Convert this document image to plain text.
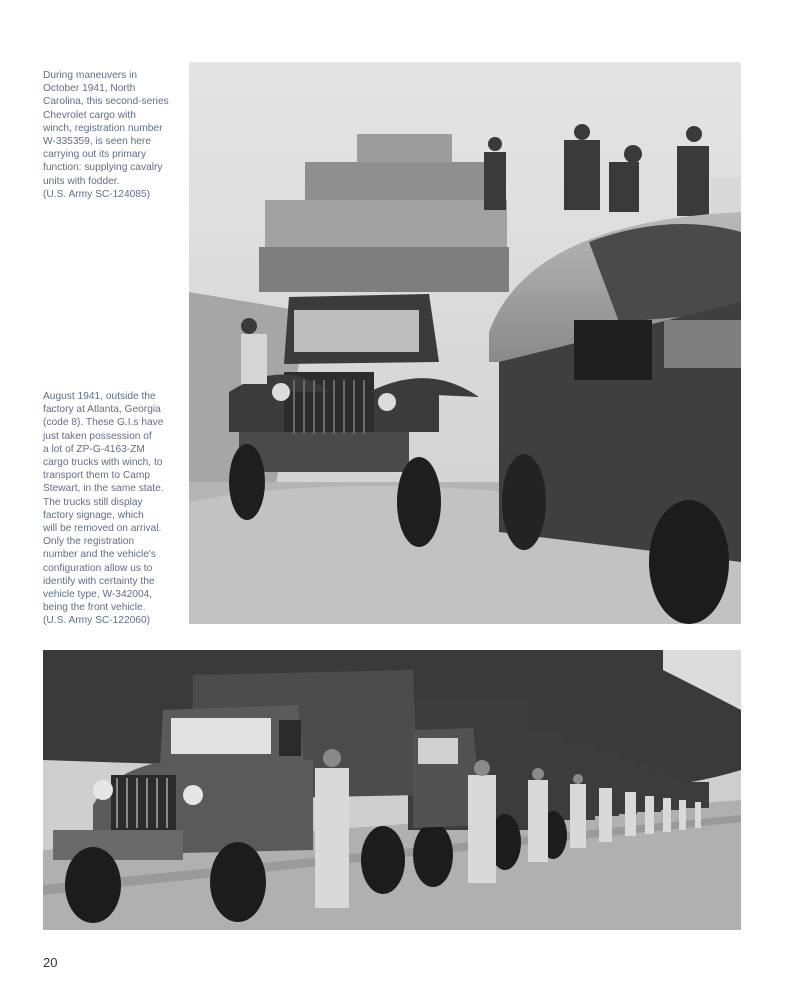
During maneuvers in
October 1941, North
Carolina, this second-series
Chevrolet cargo with
winch, registration number
W-335359, is seen here
carrying out its primary
function: supplying cavalry
units with fodder.
(U.S. Army SC-124085)
August 1941, outside the
factory at Atlanta, Georgia
(code 8). These G.I.s have
just taken possession of
a lot of ZP-G-4163-ZM
cargo trucks with winch, to
transport them to Camp
Stewart, in the same state.
The trucks still display
factory signage, which
will be removed on arrival.
Only the registration
number and the vehicle's
configuration allow us to
identify with certainty the
vehicle type, W-342004,
being the front vehicle.
(U.S. Army SC-122060)
20
